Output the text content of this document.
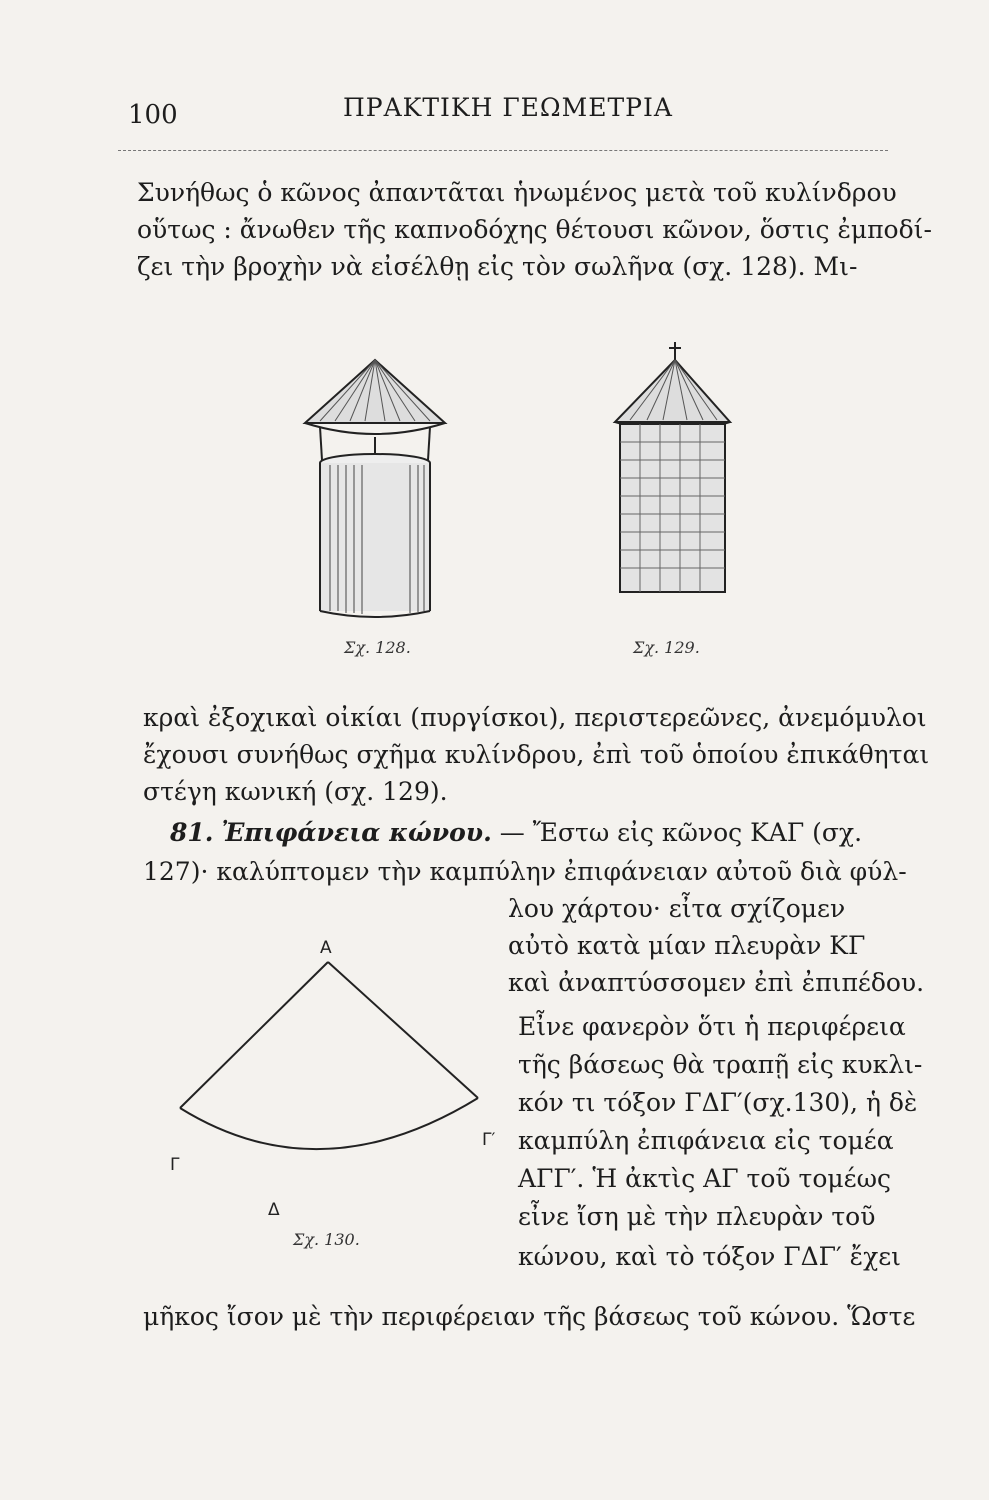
100	ΠΡΑΚΤΙΚΗ ΓΕΩΜΕΤΡΙΑ
Συνήθως ὁ κῶνος ἀπαντᾶται ἡνωμένος μετὰ τοῦ κυλίνδρου
οὕτως : ἄνωθεν τῆς καπνοδόχης θέτουσι κῶνον, ὅστις ἐμποδί-
ζει τὴν βροχὴν νὰ εἰσέλθῃ εἰς τὸν σωλῆνα (σχ. 128). Μι-
Σχ. 128.	Σχ. 129.
κραὶ ἐξοχικαὶ οἰκίαι (πυργίσκοι), περιστερεῶνες, ἀνεμόμυλοι
ἔχουσι συνήθως σχῆμα κυλίνδρου, ἐπὶ τοῦ ὁποίου ἐπικάθηται
στέγη κωνική (σχ. 129).
81. Ἐπιφάνεια κώνου. — Ἔστω εἰς κῶνος ΚΑΓ (σχ.
127)· καλύπτομεν τὴν καμπύλην ἐπιφάνειαν αὐτοῦ διὰ φύλ-
λου χάρτου· εἶτα σχίζομεν
αὐτὸ κατὰ μίαν πλευρὰν ΚΓ
καὶ ἀναπτύσσομεν ἐπὶ ἐπιπέδου.
Εἶνε φανερὸν ὅτι ἡ περιφέρεια
τῆς βάσεως θὰ τραπῇ εἰς κυκλι-
κόν τι τόξον ΓΔΓ′(σχ.130), ἡ δὲ
καμπύλη ἐπιφάνεια εἰς τομέα
ΑΓΓ′. Ἡ ἀκτὶς ΑΓ τοῦ τομέως
εἶνε ἴση μὲ τὴν πλευρὰν τοῦ
κώνου, καὶ τὸ τόξον ΓΔΓ′ ἔχει
Α
Γ
Γ′
Δ
Σχ. 130.
μῆκος ἴσον μὲ τὴν περιφέρειαν τῆς βάσεως τοῦ κώνου. Ὥστε
